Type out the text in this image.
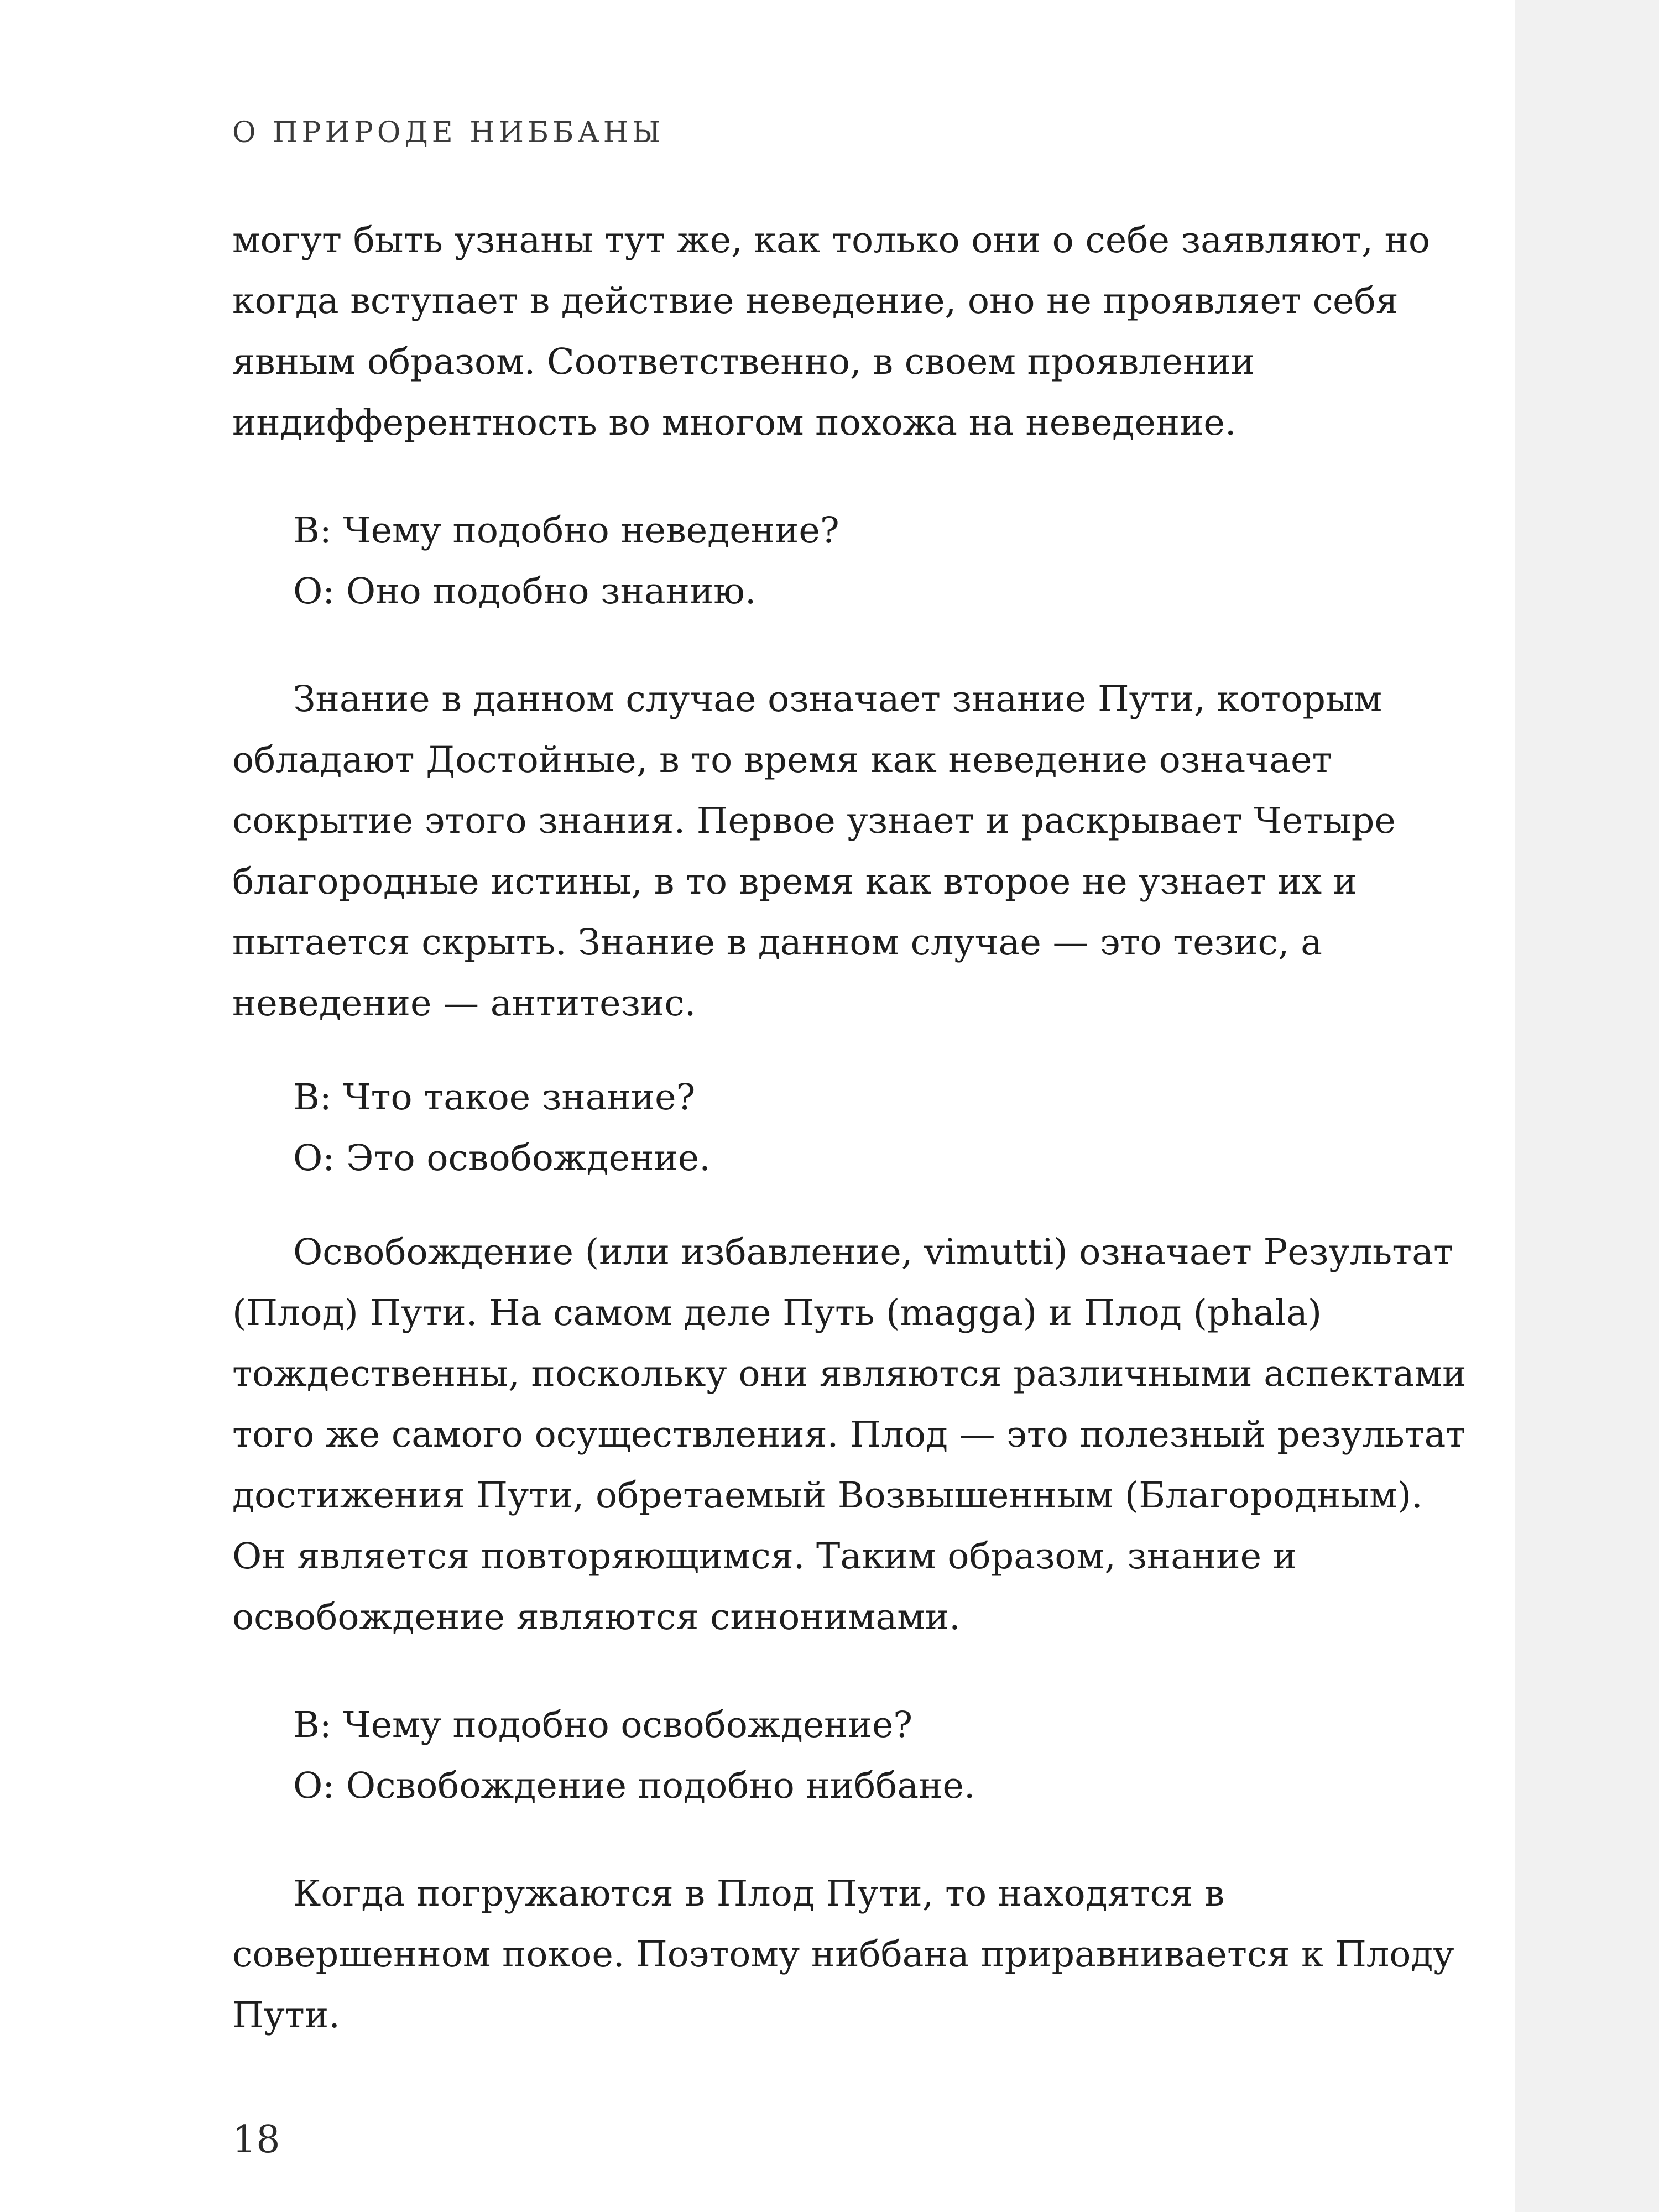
О ПРИРОДЕ НИББАНЫ

могут быть узнаны тут же, как только они о себе заявляют, но когда вступает в действие неведение, оно не проявляет себя явным образом. Соответственно, в своем проявлении индифферентность во многом похожа на неведение.

В: Чему подобно неведение?

О: Оно подобно знанию.

Знание в данном случае означает знание Пути, которым обладают Достойные, в то время как неведение означает сокрытие этого знания. Первое узнает и раскрывает Четыре благородные истины, в то время как второе не узнает их и пытается скрыть. Знание в данном случае — это тезис, а неведение — антитезис.

В: Что такое знание?

О: Это освобождение.

Освобождение (или избавление, vimutti) означает Результат (Плод) Пути. На самом деле Путь (magga) и Плод (phala) тождественны, поскольку они являются различными аспектами того же самого осуществления. Плод — это полезный результат достижения Пути, обретаемый Возвышенным (Благородным). Он является повторяющимся. Таким образом, знание и освобождение являются синонимами.

В: Чему подобно освобождение?

О: Освобождение подобно ниббане.

Когда погружаются в Плод Пути, то находятся в совершенном покое. Поэтому ниббана приравнивается к Плоду Пути.

18
